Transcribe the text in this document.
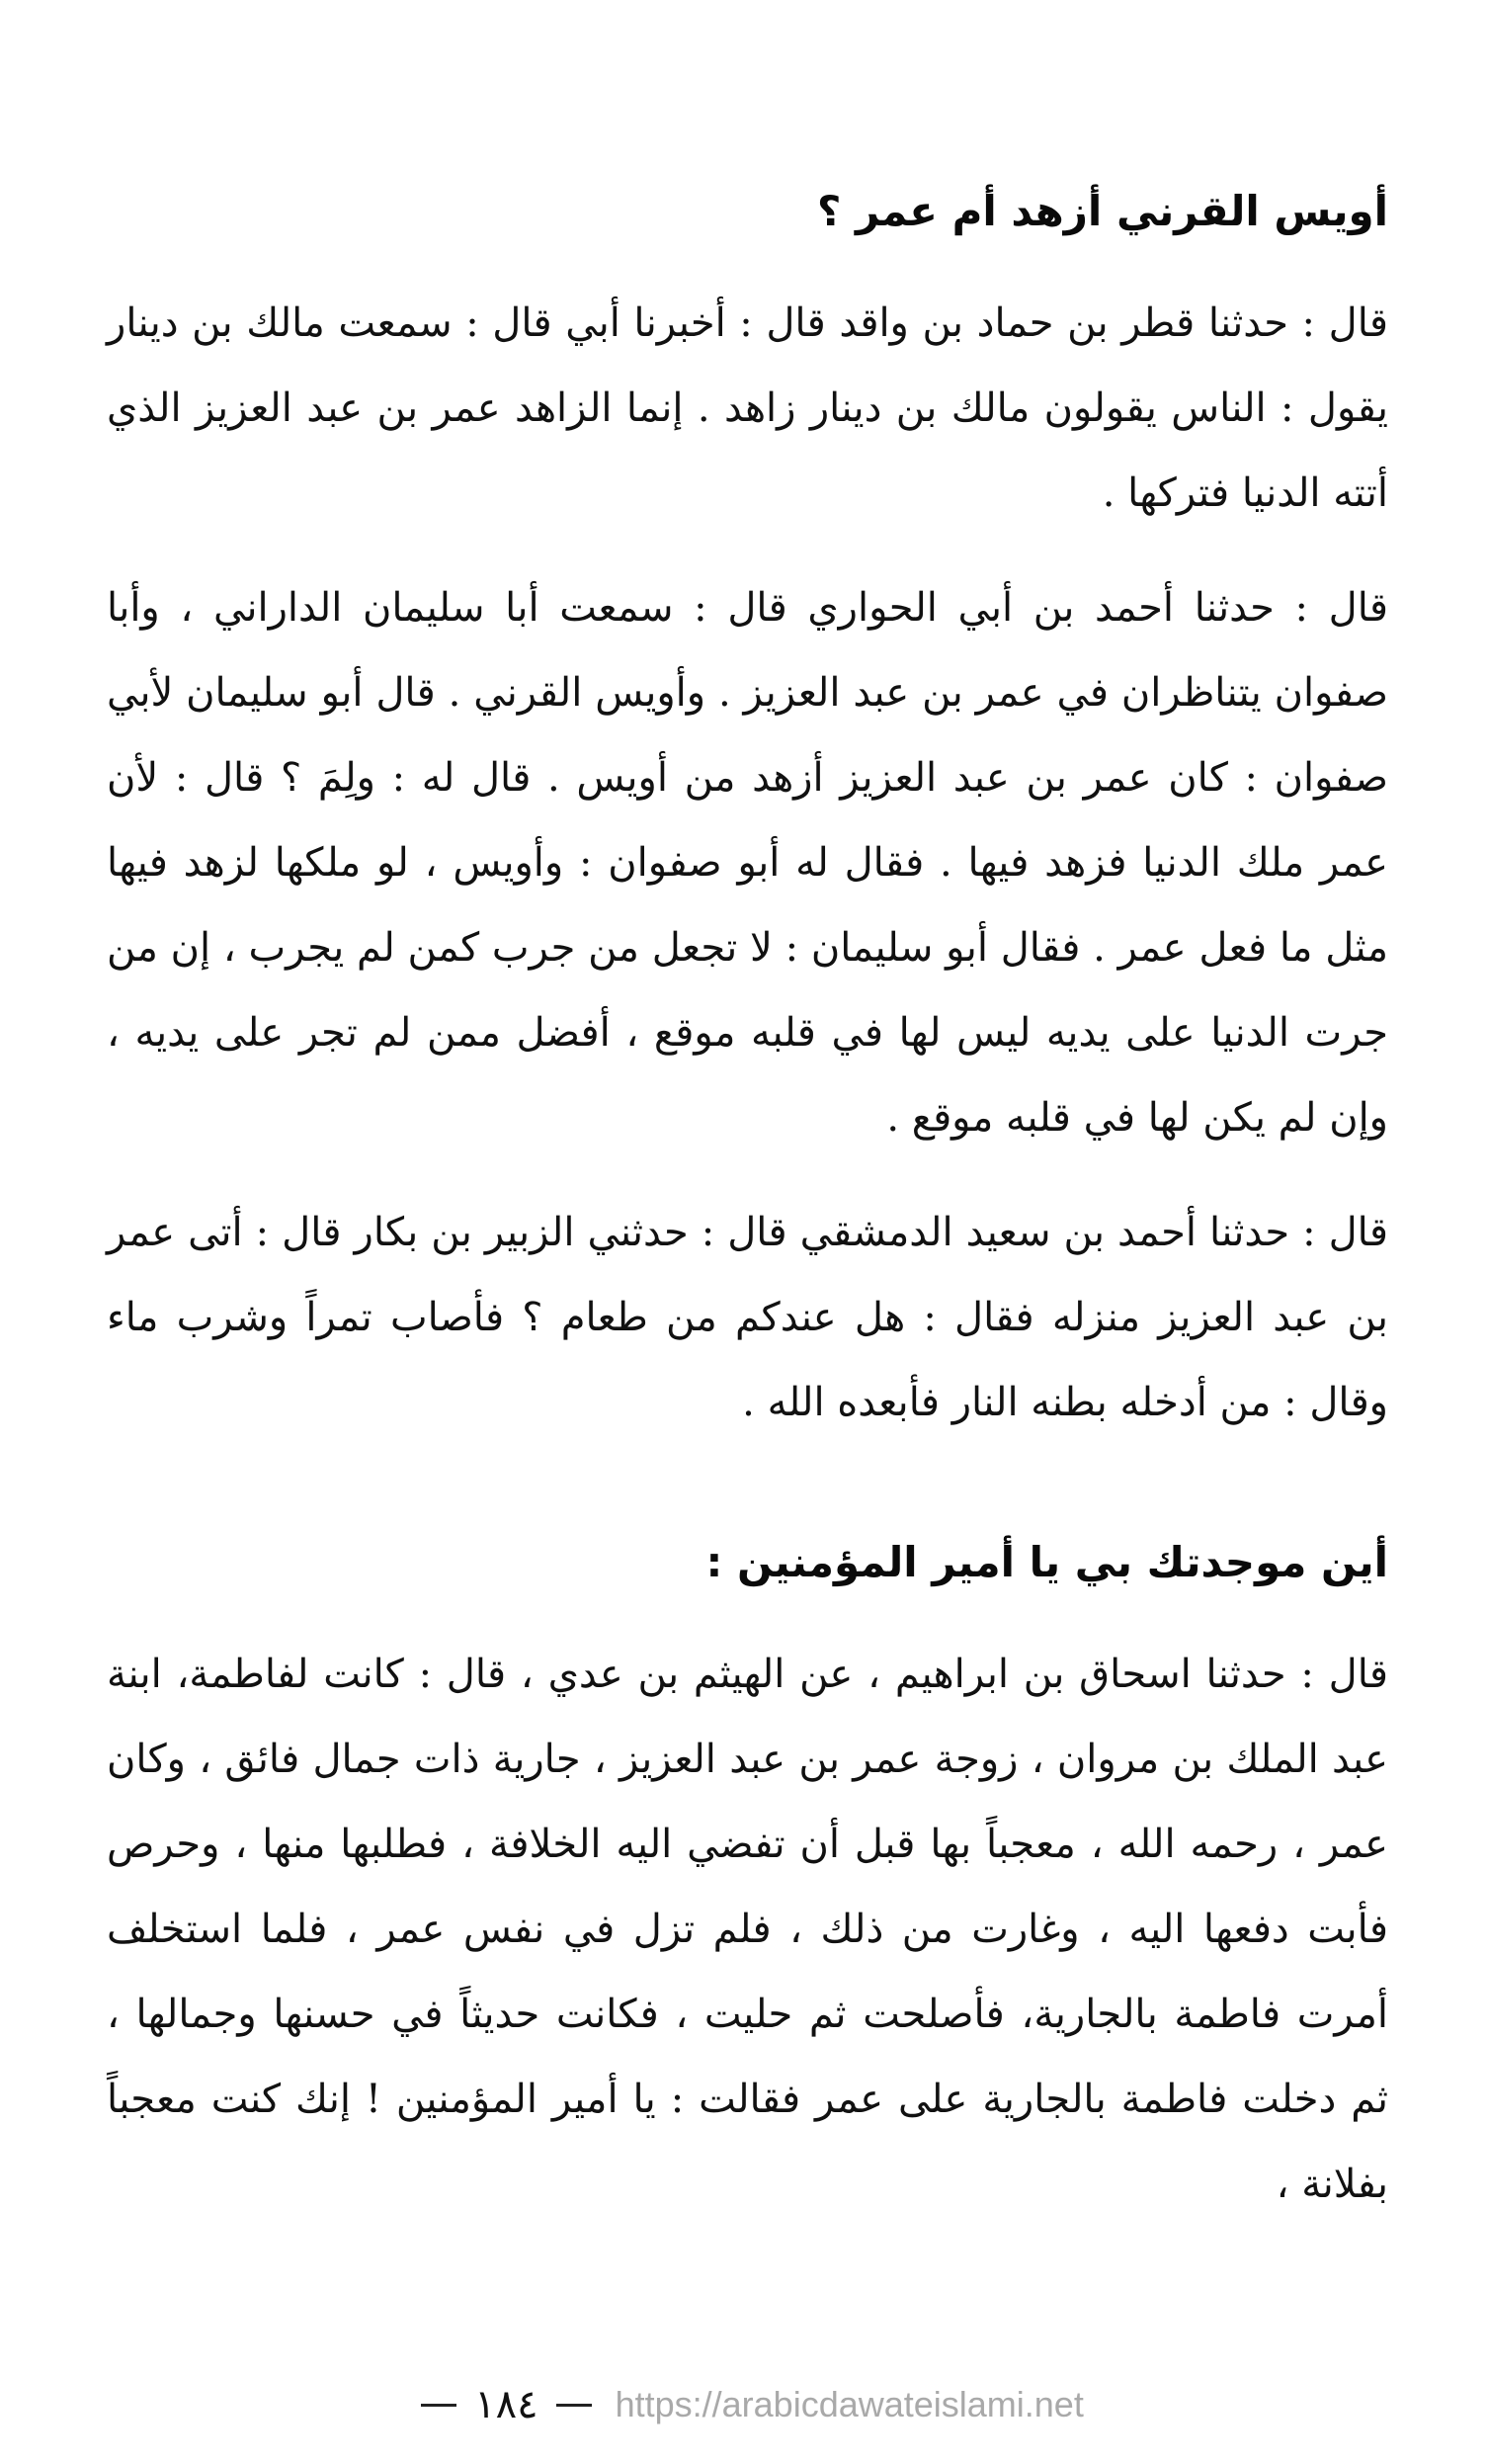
أويس القرني أزهد أم عمر ؟

قال : حدثنا قطر بن حماد بن واقد قال : أخبرنا أبي قال : سمعت مالك بن دينار يقول : الناس يقولون مالك بن دينار زاهد . إنما الزاهد عمر بن عبد العزيز الذي أتته الدنيا فتركها .

قال : حدثنا أحمد بن أبي الحواري قال : سمعت أبا سليمان الداراني ، وأبا صفوان يتناظران في عمر بن عبد العزيز . وأويس القرني . قال أبو سليمان لأبي صفوان : كان عمر بن عبد العزيز أزهد من أويس . قال له : ولِمَ ؟ قال : لأن عمر ملك الدنيا فزهد فيها . فقال له أبو صفوان : وأويس ، لو ملكها لزهد فيها مثل ما فعل عمر . فقال أبو سليمان : لا تجعل من جرب كمن لم يجرب ، إن من جرت الدنيا على يديه ليس لها في قلبه موقع ، أفضل ممن لم تجر على يديه ، وإن لم يكن لها في قلبه موقع .

قال : حدثنا أحمد بن سعيد الدمشقي قال : حدثني الزبير بن بكار قال : أتى عمر بن عبد العزيز منزله فقال : هل عندكم من طعام ؟ فأصاب تمراً وشرب ماء وقال : من أدخله بطنه النار فأبعده الله .

أين موجدتك بي يا أمير المؤمنين :

قال : حدثنا اسحاق بن ابراهيم ، عن الهيثم بن عدي ، قال : كانت لفاطمة، ابنة عبد الملك بن مروان ، زوجة عمر بن عبد العزيز ، جارية ذات جمال فائق ، وكان عمر ، رحمه الله ، معجباً بها قبل أن تفضي اليه الخلافة ، فطلبها منها ، وحرص فأبت دفعها اليه ، وغارت من ذلك ، فلم تزل في نفس عمر ، فلما استخلف أمرت فاطمة بالجارية، فأصلحت ثم حليت ، فكانت حديثاً في حسنها وجمالها ، ثم دخلت فاطمة بالجارية على عمر فقالت : يا أمير المؤمنين ! إنك كنت معجباً بفلانة ،

١٨٤ https://arabicdawateislami.net
